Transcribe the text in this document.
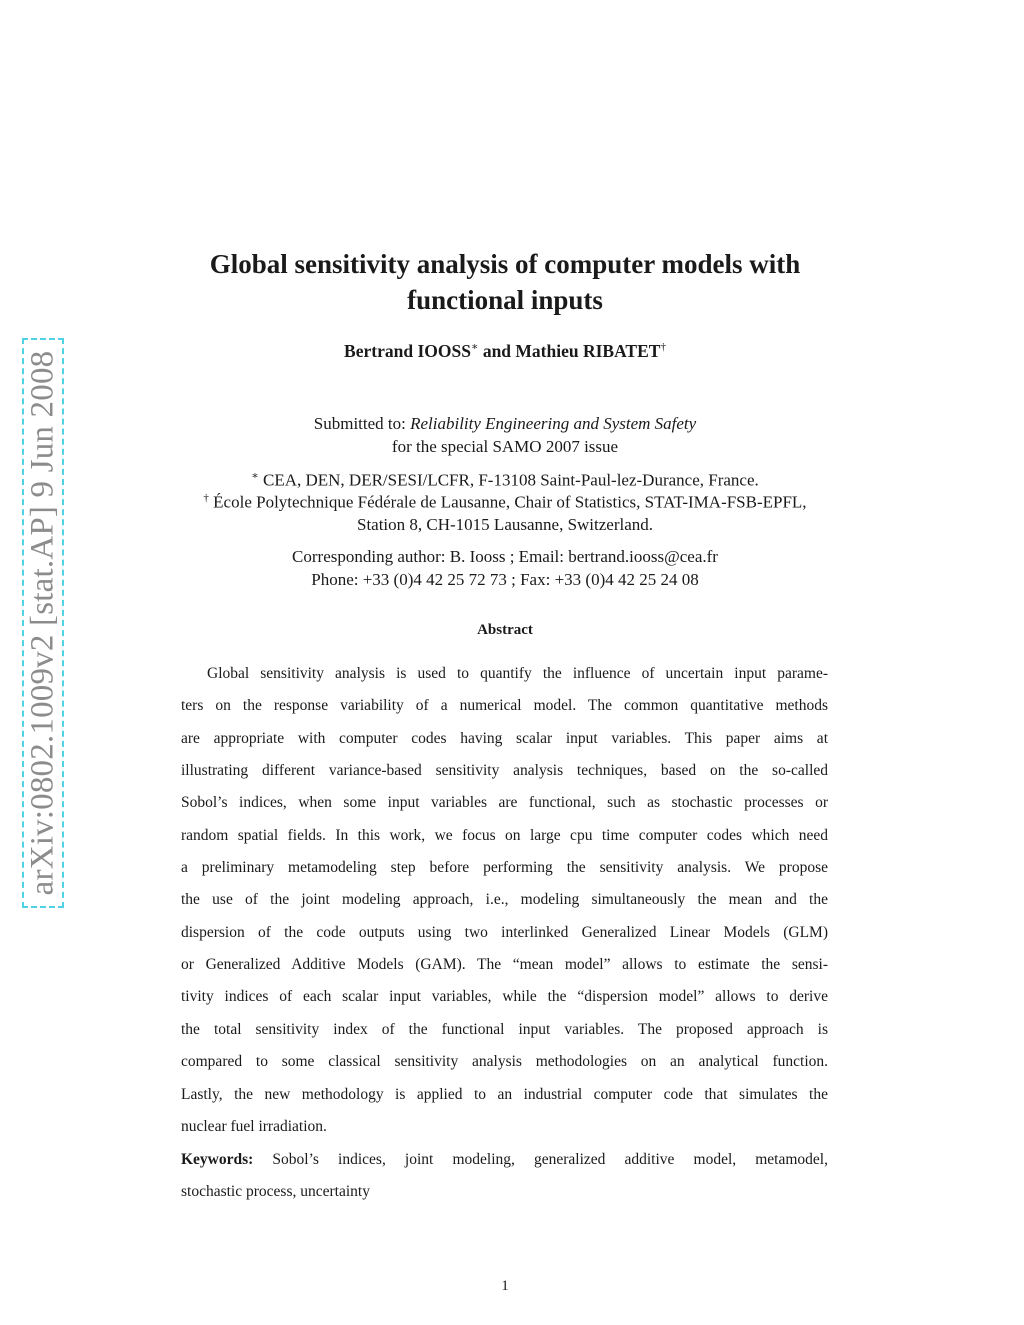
arXiv:0802.1009v2 [stat.AP] 9 Jun 2008
Global sensitivity analysis of computer models with
functional inputs
Bertrand IOOSS∗ and Mathieu RIBATET†
Submitted to: Reliability Engineering and System Safety
for the special SAMO 2007 issue
∗ CEA, DEN, DER/SESI/LCFR, F-13108 Saint-Paul-lez-Durance, France.
† École Polytechnique Fédérale de Lausanne, Chair of Statistics, STAT-IMA-FSB-EPFL,
Station 8, CH-1015 Lausanne, Switzerland.
Corresponding author: B. Iooss ; Email: bertrand.iooss@cea.fr
Phone: +33 (0)4 42 25 72 73 ; Fax: +33 (0)4 42 25 24 08
Abstract
Global sensitivity analysis is used to quantify the influence of uncertain input parame-
ters on the response variability of a numerical model. The common quantitative methods
are appropriate with computer codes having scalar input variables. This paper aims at
illustrating different variance-based sensitivity analysis techniques, based on the so-called
Sobol’s indices, when some input variables are functional, such as stochastic processes or
random spatial fields. In this work, we focus on large cpu time computer codes which need
a preliminary metamodeling step before performing the sensitivity analysis. We propose
the use of the joint modeling approach, i.e., modeling simultaneously the mean and the
dispersion of the code outputs using two interlinked Generalized Linear Models (GLM)
or Generalized Additive Models (GAM). The “mean model” allows to estimate the sensi-
tivity indices of each scalar input variables, while the “dispersion model” allows to derive
the total sensitivity index of the functional input variables. The proposed approach is
compared to some classical sensitivity analysis methodologies on an analytical function.
Lastly, the new methodology is applied to an industrial computer code that simulates the
nuclear fuel irradiation.
Keywords: Sobol’s indices, joint modeling, generalized additive model, metamodel,
stochastic process, uncertainty
1
